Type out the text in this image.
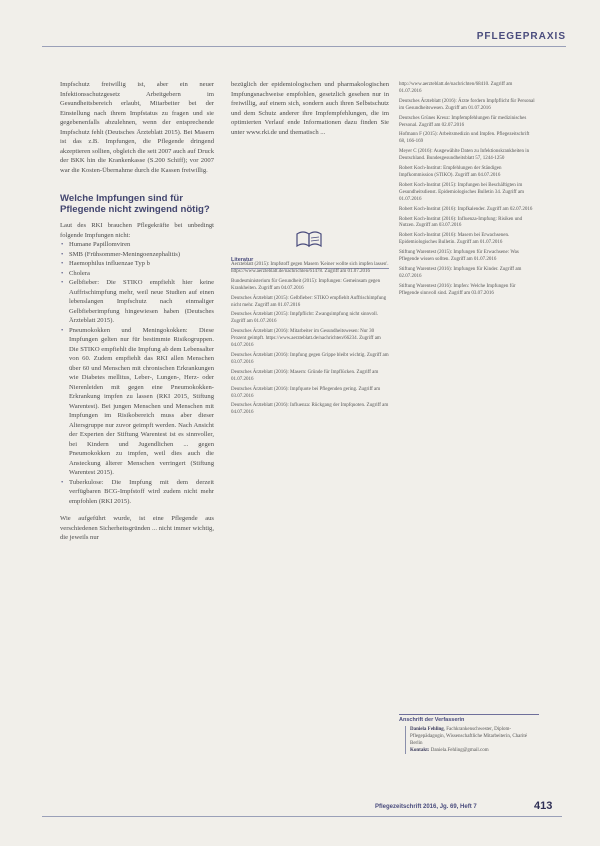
PFLEGEPRAXIS

Impfschutz freiwillig ist, aber ein neuer Infektionsschutzgesetz Arbeitgebern im Gesundheitsbereich erlaubt, Mitarbeiter bei der Einstellung nach ihrem Impfstatus zu fragen und sie gegebenenfalls abzulehnen, wenn der entsprechende Impfschutz fehlt (Deutsches Ärzteblatt 2015). Bei Masern ist das z.B. Impfungen, die Pflegende dringend akzeptieren sollten, obgleich die seit 2007 auch auf Druck der BKK hin die Krankenkasse (S.200 Schiff); vor 2007 war die Kosten-Übernahme durch die Kassen freiwillig.

Welche Impfungen sind für Pflegende nicht zwingend nötig?

Laut des RKI brauchen Pflegekräfte bei unbedingt folgende Impfungen nicht:

• Humane Papillomviren
• SMB (Frühsommer-Meningoenzephalitis)
• Haemophilus influenzae Typ b
• Cholera
• Gelbfieber: Die STIKO empfiehlt hier keine Auffrischimpfung mehr, weil neue Studien auf einen lebenslangen Impfschutz nach einmaliger Gelbfieberimpfung hingewiesen haben (Deutsches Ärzteblatt 2015).
• Pneumokokken und Meningokokken: Diese Impfungen gelten nur für bestimmte Risikogruppen. Die STIKO empfiehlt die Impfung ab dem Lebensalter von 60. Zudem empfiehlt das RKI allen Menschen über 60 und Menschen mit chronischen Erkrankungen wie Diabetes mellitus, Leber-, Lungen-, Herz- oder Nierenleiden mit gegen eine Pneumokokken-Erkrankung impfen zu lassen (RKI 2015, Stiftung Warentest). Bei jungen Menschen und Menschen mit Impfungen im Risikobereich muss aber dieser Altersgruppe nur zuvor geimpft werden. Nach Ansicht der Experten der Stiftung Warentest ist es sinnvoller, bei Kindern und Jugendlichen ... gegen Pneumokokken zu impfen, weil dies auch die Ansteckung älterer Menschen verringert (Stiftung Warentest 2015).
• Tuberkulose: Die Impfung mit dem derzeit verfügbaren BCG-Impfstoff wird zudem nicht mehr empfohlen (RKI 2015).

Wie aufgeführt wurde, ist eine Pflegende aus verschiedenen Sicherheitsgründen ... nicht immer wichtig, die jeweils nur

bezüglich der epidemiologischen und pharmakologischen Impfungsnachweise empfohlen, gesetzlich gesehen nur in freiwillig, auf einem sich, sondern auch ihren Selbstschutz und dem Schutz anderer ihre Impfempfehlungen, die im optimierten Verlauf ende Informationen dazu finden Sie unter www.rki.de und thematisch ...

Literatur

Aerzteblatt (2015): Impfstoff gegen Masern 'Keiner wollte sich impfen lassen'. https://www.aerzteblatt.de/nachrichten/61478. Zugriff am 01.07.2016

Bundesministerium für Gesundheit (2015): Impfungen: Gemeinsam gegen Krankheiten. Zugriff am 04.07.2016

Deutsches Ärzteblatt (2015): Gelbfieber: STIKO empfiehlt Auffrischimpfung nicht mehr. Zugriff am 01.07.2016

Deutsches Ärzteblatt (2015): Impfpflicht: Zwangsimpfung nicht sinnvoll. Zugriff am 01.07.2016

Deutsches Ärzteblatt (2016): Mitarbeiter im Gesundheitswesen: Nur 30 Prozent geimpft. https://www.aerzteblatt.de/nachrichten/66234. Zugriff am 04.07.2016

Deutsches Ärzteblatt (2016): Impfung gegen Grippe bleibt wichtig. Zugriff am 03.07.2016

Deutsches Ärzteblatt (2016): Masern: Gründe für Impflücken. Zugriff am 01.07.2016

Deutsches Ärzteblatt (2016): Impfquote bei Pflegenden gering. Zugriff am 03.07.2016

Deutsches Ärzteblatt (2016): Influenza: Rückgang der Impfquoten. Zugriff am 04.07.2016

http://www.aerzteblatt.de/nachrichten/68410. Zugriff am 01.07.2016

Deutsches Ärzteblatt (2016): Ärzte fordern Impfpflicht für Personal im Gesundheitswesen. Zugriff am 01.07.2016

Deutsches Grünes Kreuz: Impfempfehlungen für medizinisches Personal. Zugriff am 02.07.2016

Hofmann F (2015): Arbeitsmedizin und Impfen. Pflegezeitschrift 68, 166-169

Meyer C (2016): Ausgewählte Daten zu Infektionskrankheiten in Deutschland. Bundesgesundheitsblatt 57, 1244-1250

Robert Koch-Institut: Empfehlungen der Ständigen Impfkommission (STIKO). Zugriff am 04.07.2016

Robert Koch-Institut (2015): Impfungen bei Beschäftigten im Gesundheitsdienst. Epidemiologisches Bulletin 34. Zugriff am 01.07.2016

Robert Koch-Institut (2016): Impfkalender. Zugriff am 02.07.2016

Robert Koch-Institut (2016): Influenza-Impfung: Risiken und Nutzen. Zugriff am 03.07.2016

Robert Koch-Institut (2016): Masern bei Erwachsenen. Epidemiologisches Bulletin. Zugriff am 01.07.2016

Stiftung Warentest (2015): Impfungen für Erwachsene: Was Pflegende wissen sollten. Zugriff am 01.07.2016

Stiftung Warentest (2016): Impfungen für Kinder. Zugriff am 02.07.2016

Stiftung Warentest (2016): Impfen: Welche Impfungen für Pflegende sinnvoll sind. Zugriff am 03.07.2016

Anschrift der Verfasserin
Daniela Fehling, Fachkrankenschwester, Diplom-Pflegepädagogin, Wissenschaftliche Mitarbeiterin, Charité Berlin
Kontakt: Daniela.Fehling@gmail.com
Pflegezeitschrift 2016, Jg. 69, Heft 7	413
